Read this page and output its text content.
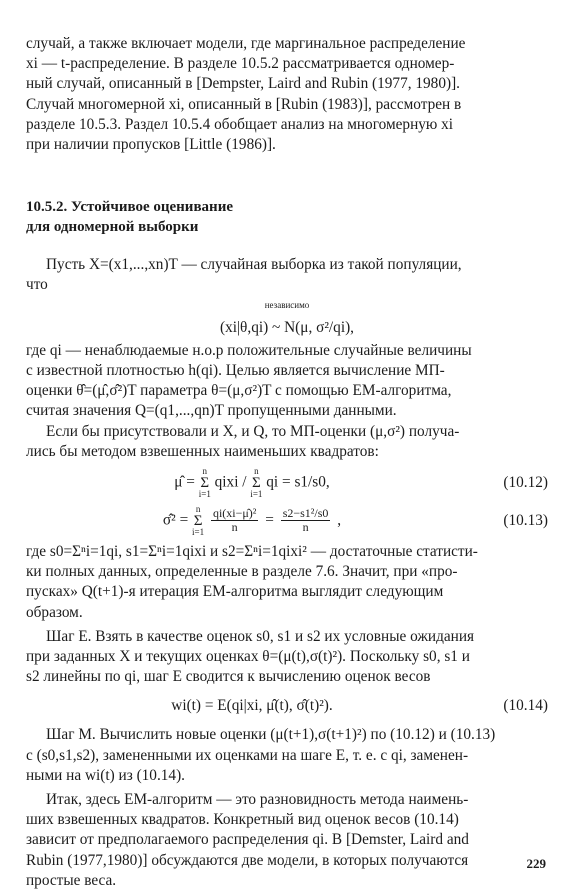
случай, а также включает модели, где маргинальное распределение

xi — t-распределение. В разделе 10.5.2 рассматривается одномер-

ный случай, описанный в [Dempster, Laird and Rubin (1977, 1980)].

Случай многомерной xi, описанный в [Rubin (1983)], рассмотрен в

разделе 10.5.3. Раздел 10.5.4 обобщает анализ на многомерную xi

при наличии пропусков [Little (1986)].

10.5.2. Устойчивое оценивание
для одномерной выборки

Пусть X=(x1,...,xn)T — случайная выборка из такой популяции,

что

$^{независимо}$
(xi|θ,qi) ~ N(μ, σ²/qi),

где qi — ненаблюдаемые н.о.р положительные случайные величины

с известной плотностью h(qi). Целью является вычисление МП-

оценки θ̂=(μ̂,σ̂²)T параметра θ=(μ,σ²)T с помощью ЕМ-алгоритма,

считая значения Q=(q1,...,qn)T пропущенными данными.

Если бы присутствовали и X, и Q, то МП-оценки (μ,σ²) получа-

лись бы методом взвешенных наименьших квадратов:

μ̂ =
n
Σ
i=1
qixi /
n
Σ
i=1
qi = s1/s0,	(10.12)
σ̂² =
n
Σ
i=1
$\frac{\text{qi(xi−μ̂)²}}{n} = \frac{\text{s2−s1²/s0}}{n}$ ,	(10.13)

где s0=Σⁿi=1qi, s1=Σⁿi=1qixi и s2=Σⁿi=1qixi² — достаточные статисти-

ки полных данных, определенные в разделе 7.6. Значит, при «про-

пусках» Q(t+1)-я итерация ЕМ-алгоритма выглядит следующим

образом.

Шаг E. Взять в качестве оценок s0, s1 и s2 их условные ожидания

при заданных X и текущих оценках θ=(μ(t),σ(t)²). Поскольку s0, s1 и

s2 линейны по qi, шаг Е сводится к вычислению оценок весов

wi(t) = E(qi|xi, μ̂(t), σ̂(t)²).	(10.14)

Шаг М. Вычислить новые оценки (μ(t+1),σ(t+1)²) по (10.12) и (10.13)

с (s0,s1,s2), замененными их оценками на шаге Е, т. е. с qi, заменен-

ными на wi(t) из (10.14).

Итак, здесь ЕМ-алгоритм — это разновидность метода наимень-

ших взвешенных квадратов. Конкретный вид оценок весов (10.14)

зависит от предполагаемого распределения qi. В [Demster, Laird and

Rubin (1977,1980)] обсуждаются две модели, в которых получаются

простые веса.

229
